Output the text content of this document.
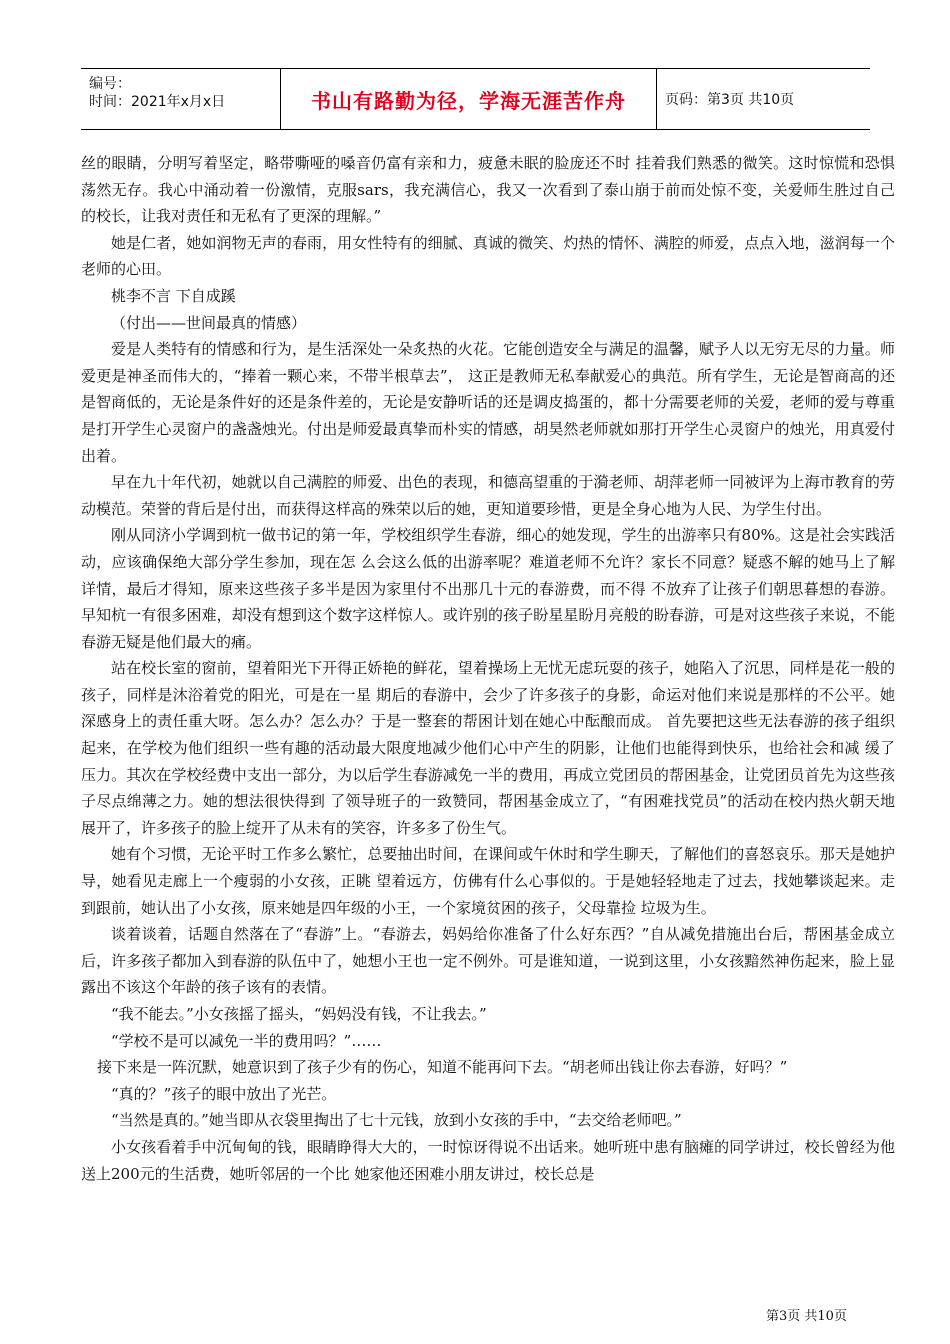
编号：
时间：2021年x月x日	书山有路勤为径，学海无涯苦作舟	页码：第3页 共10页

丝的眼睛，分明写着坚定，略带嘶哑的嗓音仍富有亲和力，疲惫未眠的脸庞还不时 挂着我们熟悉的微笑。这时惊慌和恐惧荡然无存。我心中涌动着一份激情，克服sars，我充满信心，我又一次看到了泰山崩于前而处惊不变，关爱师生胜过自己 的校长，让我对责任和无私有了更深的理解。”

她是仁者，她如润物无声的春雨，用女性特有的细腻、真诚的微笑、灼热的情怀、满腔的师爱，点点入地，滋润每一个老师的心田。

桃李不言 下自成蹊

（付出——世间最真的情感）

爱是人类特有的情感和行为，是生活深处一朵炙热的火花。它能创造安全与满足的温馨，赋予人以无穷无尽的力量。师爱更是神圣而伟大的，“捧着一颗心来，不带半根草去”， 这正是教师无私奉献爱心的典范。所有学生，无论是智商高的还是智商低的，无论是条件好的还是条件差的，无论是安静听话的还是调皮捣蛋的，都十分需要老师的关爱，老师的爱与尊重是打开学生心灵窗户的盏盏烛光。付出是师爱最真挚而朴实的情感，胡昊然老师就如那打开学生心灵窗户的烛光，用真爱付出着。

早在九十年代初，她就以自己满腔的师爱、出色的表现，和德高望重的于漪老师、胡萍老师一同被评为上海市教育的劳动模范。荣誉的背后是付出，而获得这样高的殊荣以后的她，更知道要珍惜，更是全身心地为人民、为学生付出。

刚从同济小学调到杭一做书记的第一年，学校组织学生春游，细心的她发现，学生的出游率只有80%。这是社会实践活动，应该确保绝大部分学生参加，现在怎 么会这么低的出游率呢？难道老师不允许？家长不同意？疑惑不解的她马上了解详情，最后才得知，原来这些孩子多半是因为家里付不出那几十元的春游费，而不得 不放弃了让孩子们朝思暮想的春游。早知杭一有很多困难，却没有想到这个数字这样惊人。或许别的孩子盼星星盼月亮般的盼春游，可是对这些孩子来说，不能春游无疑是他们最大的痛。

站在校长室的窗前，望着阳光下开得正娇艳的鲜花，望着操场上无忧无虑玩耍的孩子，她陷入了沉思，同样是花一般的孩子，同样是沐浴着党的阳光，可是在一星 期后的春游中，会少了许多孩子的身影，命运对他们来说是那样的不公平。她深感身上的责任重大呀。怎么办？怎么办？于是一整套的帮困计划在她心中酝酿而成。 首先要把这些无法春游的孩子组织起来，在学校为他们组织一些有趣的活动最大限度地减少他们心中产生的阴影，让他们也能得到快乐，也给社会和减 缓了压力。其次在学校经费中支出一部分，为以后学生春游减免一半的费用，再成立党团员的帮困基金，让党团员首先为这些孩子尽点绵薄之力。她的想法很快得到 了领导班子的一致赞同，帮困基金成立了，“有困难找党员”的活动在校内热火朝天地展开了，许多孩子的脸上绽开了从未有的笑容，许多多了份生气。

她有个习惯，无论平时工作多么繁忙，总要抽出时间，在课间或午休时和学生聊天，了解他们的喜怒哀乐。那天是她护导，她看见走廊上一个瘦弱的小女孩，正眺 望着远方，仿佛有什么心事似的。于是她轻轻地走了过去，找她攀谈起来。走到跟前，她认出了小女孩，原来她是四年级的小王，一个家境贫困的孩子，父母靠捡 垃圾为生。

谈着谈着，话题自然落在了“春游”上。“春游去，妈妈给你准备了什么好东西？”自从减免措施出台后，帮困基金成立后，许多孩子都加入到春游的队伍中了，她想小王也一定不例外。可是谁知道，一说到这里，小女孩黯然神伤起来，脸上显露出不该这个年龄的孩子该有的表情。

“我不能去。”小女孩摇了摇头，“妈妈没有钱，不让我去。”

“学校不是可以减免一半的费用吗？”……

接下来是一阵沉默，她意识到了孩子少有的伤心，知道不能再问下去。“胡老师出钱让你去春游，好吗？”

“真的？”孩子的眼中放出了光芒。

“当然是真的。”她当即从衣袋里掏出了七十元钱，放到小女孩的手中，“去交给老师吧。”

小女孩看着手中沉甸甸的钱，眼睛睁得大大的，一时惊讶得说不出话来。她听班中患有脑瘫的同学讲过，校长曾经为他送上200元的生活费，她听邻居的一个比 她家他还困难小朋友讲过，校长总是

第3页 共10页
